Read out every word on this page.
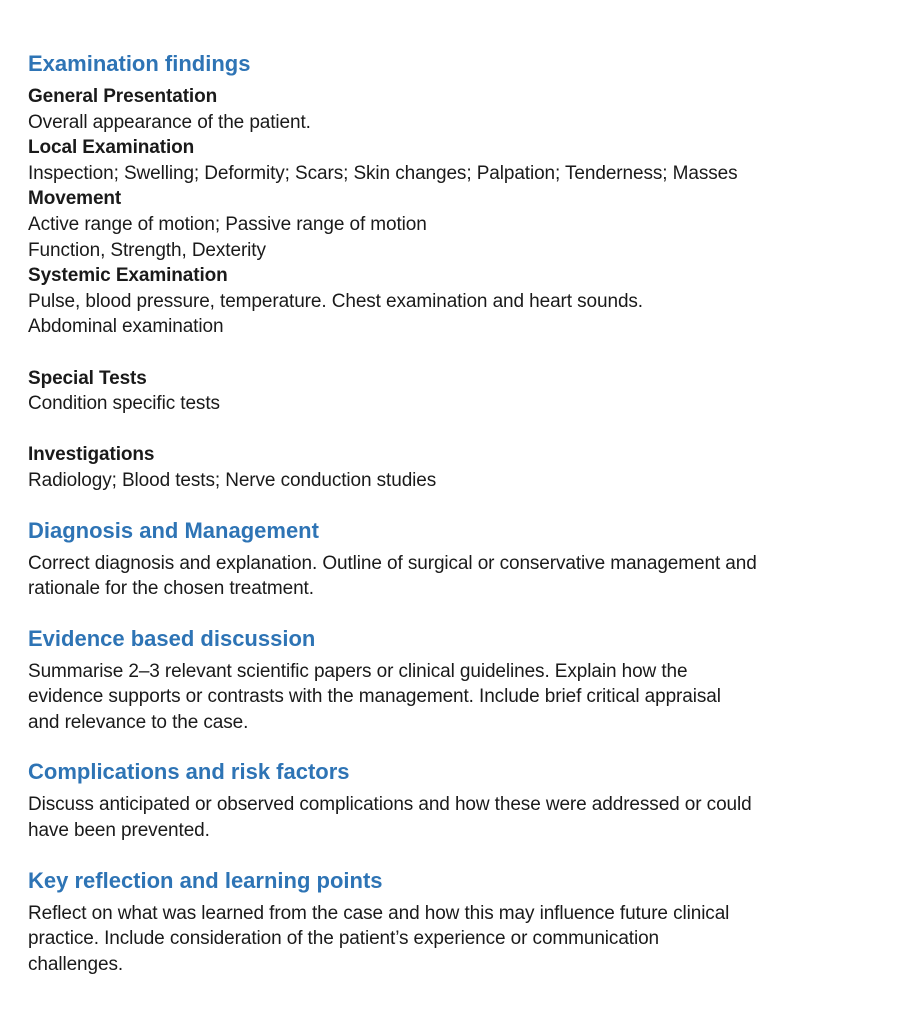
Examination findings
General Presentation
Overall appearance of the patient.
Local Examination
Inspection; Swelling; Deformity; Scars; Skin changes; Palpation; Tenderness; Masses
Movement
Active range of motion; Passive range of motion
Function, Strength, Dexterity
Systemic Examination
Pulse, blood pressure, temperature. Chest examination and heart sounds.
Abdominal examination
Special Tests
Condition specific tests
Investigations
Radiology; Blood tests; Nerve conduction studies
Diagnosis and Management
Correct diagnosis and explanation. Outline of surgical or conservative management and
rationale for the chosen treatment.
Evidence based discussion
Summarise 2–3 relevant scientific papers or clinical guidelines. Explain how the
evidence supports or contrasts with the management. Include brief critical appraisal
and relevance to the case.
Complications and risk factors
Discuss anticipated or observed complications and how these were addressed or could
have been prevented.
Key reflection and learning points
Reflect on what was learned from the case and how this may influence future clinical
practice. Include consideration of the patient’s experience or communication
challenges.
